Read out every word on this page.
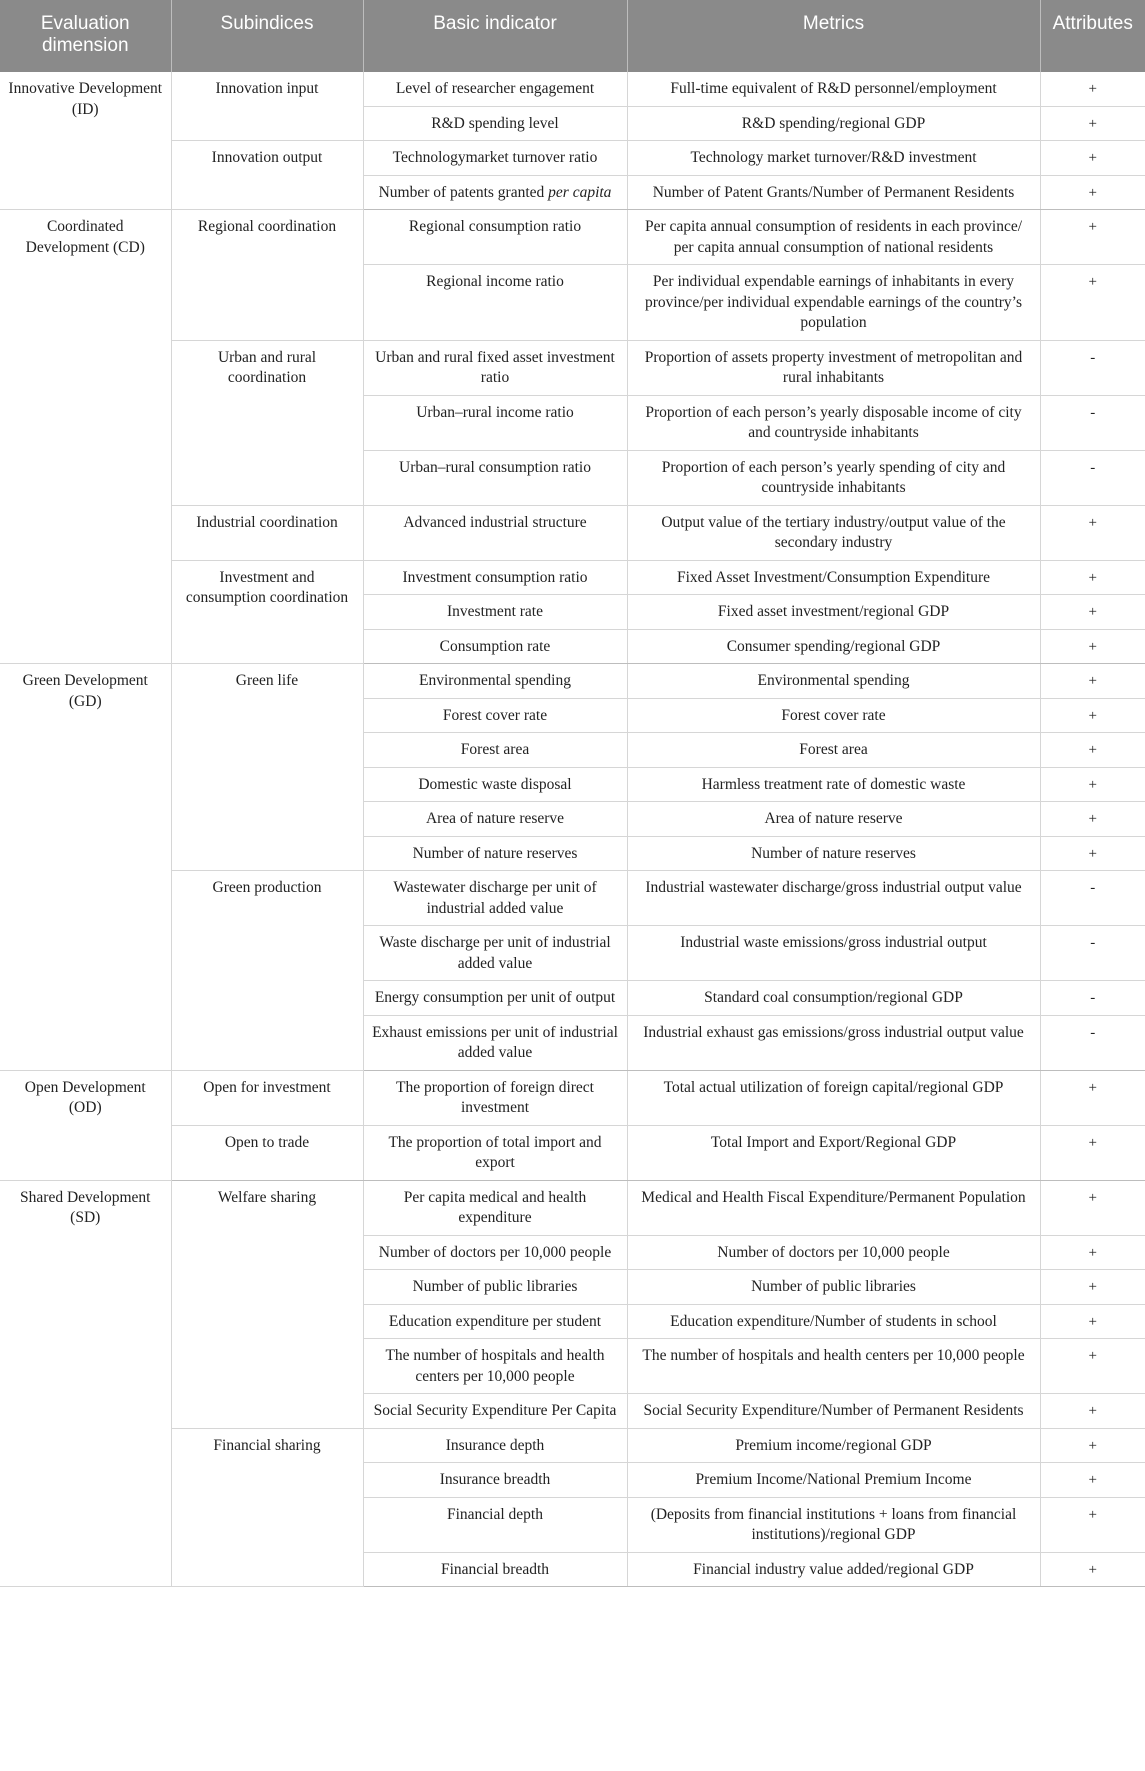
Evaluation dimension	Subindices	Basic indicator	Metrics	Attributes
Innovative Development (ID)	Innovation input	Level of researcher engagement	Full-time equivalent of R&D personnel/employment	+
		R&D spending level	R&D spending/regional GDP	+
	Innovation output	Technologymarket turnover ratio	Technology market turnover/R&D investment	+
		Number of patents granted per capita	Number of Patent Grants/Number of Permanent Residents	+
Coordinated Development (CD)	Regional coordination	Regional consumption ratio	Per capita annual consumption of residents in each province/ per capita annual consumption of national residents	+
		Regional income ratio	Per individual expendable earnings of inhabitants in every province/per individual expendable earnings of the country’s population	+
	Urban and rural coordination	Urban and rural fixed asset investment ratio	Proportion of assets property investment of metropolitan and rural inhabitants	-
		Urban–rural income ratio	Proportion of each person’s yearly disposable income of city and countryside inhabitants	-
		Urban–rural consumption ratio	Proportion of each person’s yearly spending of city and countryside inhabitants	-
	Industrial coordination	Advanced industrial structure	Output value of the tertiary industry/output value of the secondary industry	+
	Investment and consumption coordination	Investment consumption ratio	Fixed Asset Investment/Consumption Expenditure	+
		Investment rate	Fixed asset investment/regional GDP	+
		Consumption rate	Consumer spending/regional GDP	+
Green Development (GD)	Green life	Environmental spending	Environmental spending	+
		Forest cover rate	Forest cover rate	+
		Forest area	Forest area	+
		Domestic waste disposal	Harmless treatment rate of domestic waste	+
		Area of nature reserve	Area of nature reserve	+
		Number of nature reserves	Number of nature reserves	+
	Green production	Wastewater discharge per unit of industrial added value	Industrial wastewater discharge/gross industrial output value	-
		Waste discharge per unit of industrial added value	Industrial waste emissions/gross industrial output	-
		Energy consumption per unit of output	Standard coal consumption/regional GDP	-
		Exhaust emissions per unit of industrial added value	Industrial exhaust gas emissions/gross industrial output value	-
Open Development (OD)	Open for investment	The proportion of foreign direct investment	Total actual utilization of foreign capital/regional GDP	+
	Open to trade	The proportion of total import and export	Total Import and Export/Regional GDP	+
Shared Development (SD)	Welfare sharing	Per capita medical and health expenditure	Medical and Health Fiscal Expenditure/Permanent Population	+
		Number of doctors per 10,000 people	Number of doctors per 10,000 people	+
		Number of public libraries	Number of public libraries	+
		Education expenditure per student	Education expenditure/Number of students in school	+
		The number of hospitals and health centers per 10,000 people	The number of hospitals and health centers per 10,000 people	+
		Social Security Expenditure Per Capita	Social Security Expenditure/Number of Permanent Residents	+
	Financial sharing	Insurance depth	Premium income/regional GDP	+
		Insurance breadth	Premium Income/National Premium Income	+
		Financial depth	(Deposits from financial institutions + loans from financial institutions)/regional GDP	+
		Financial breadth	Financial industry value added/regional GDP	+
